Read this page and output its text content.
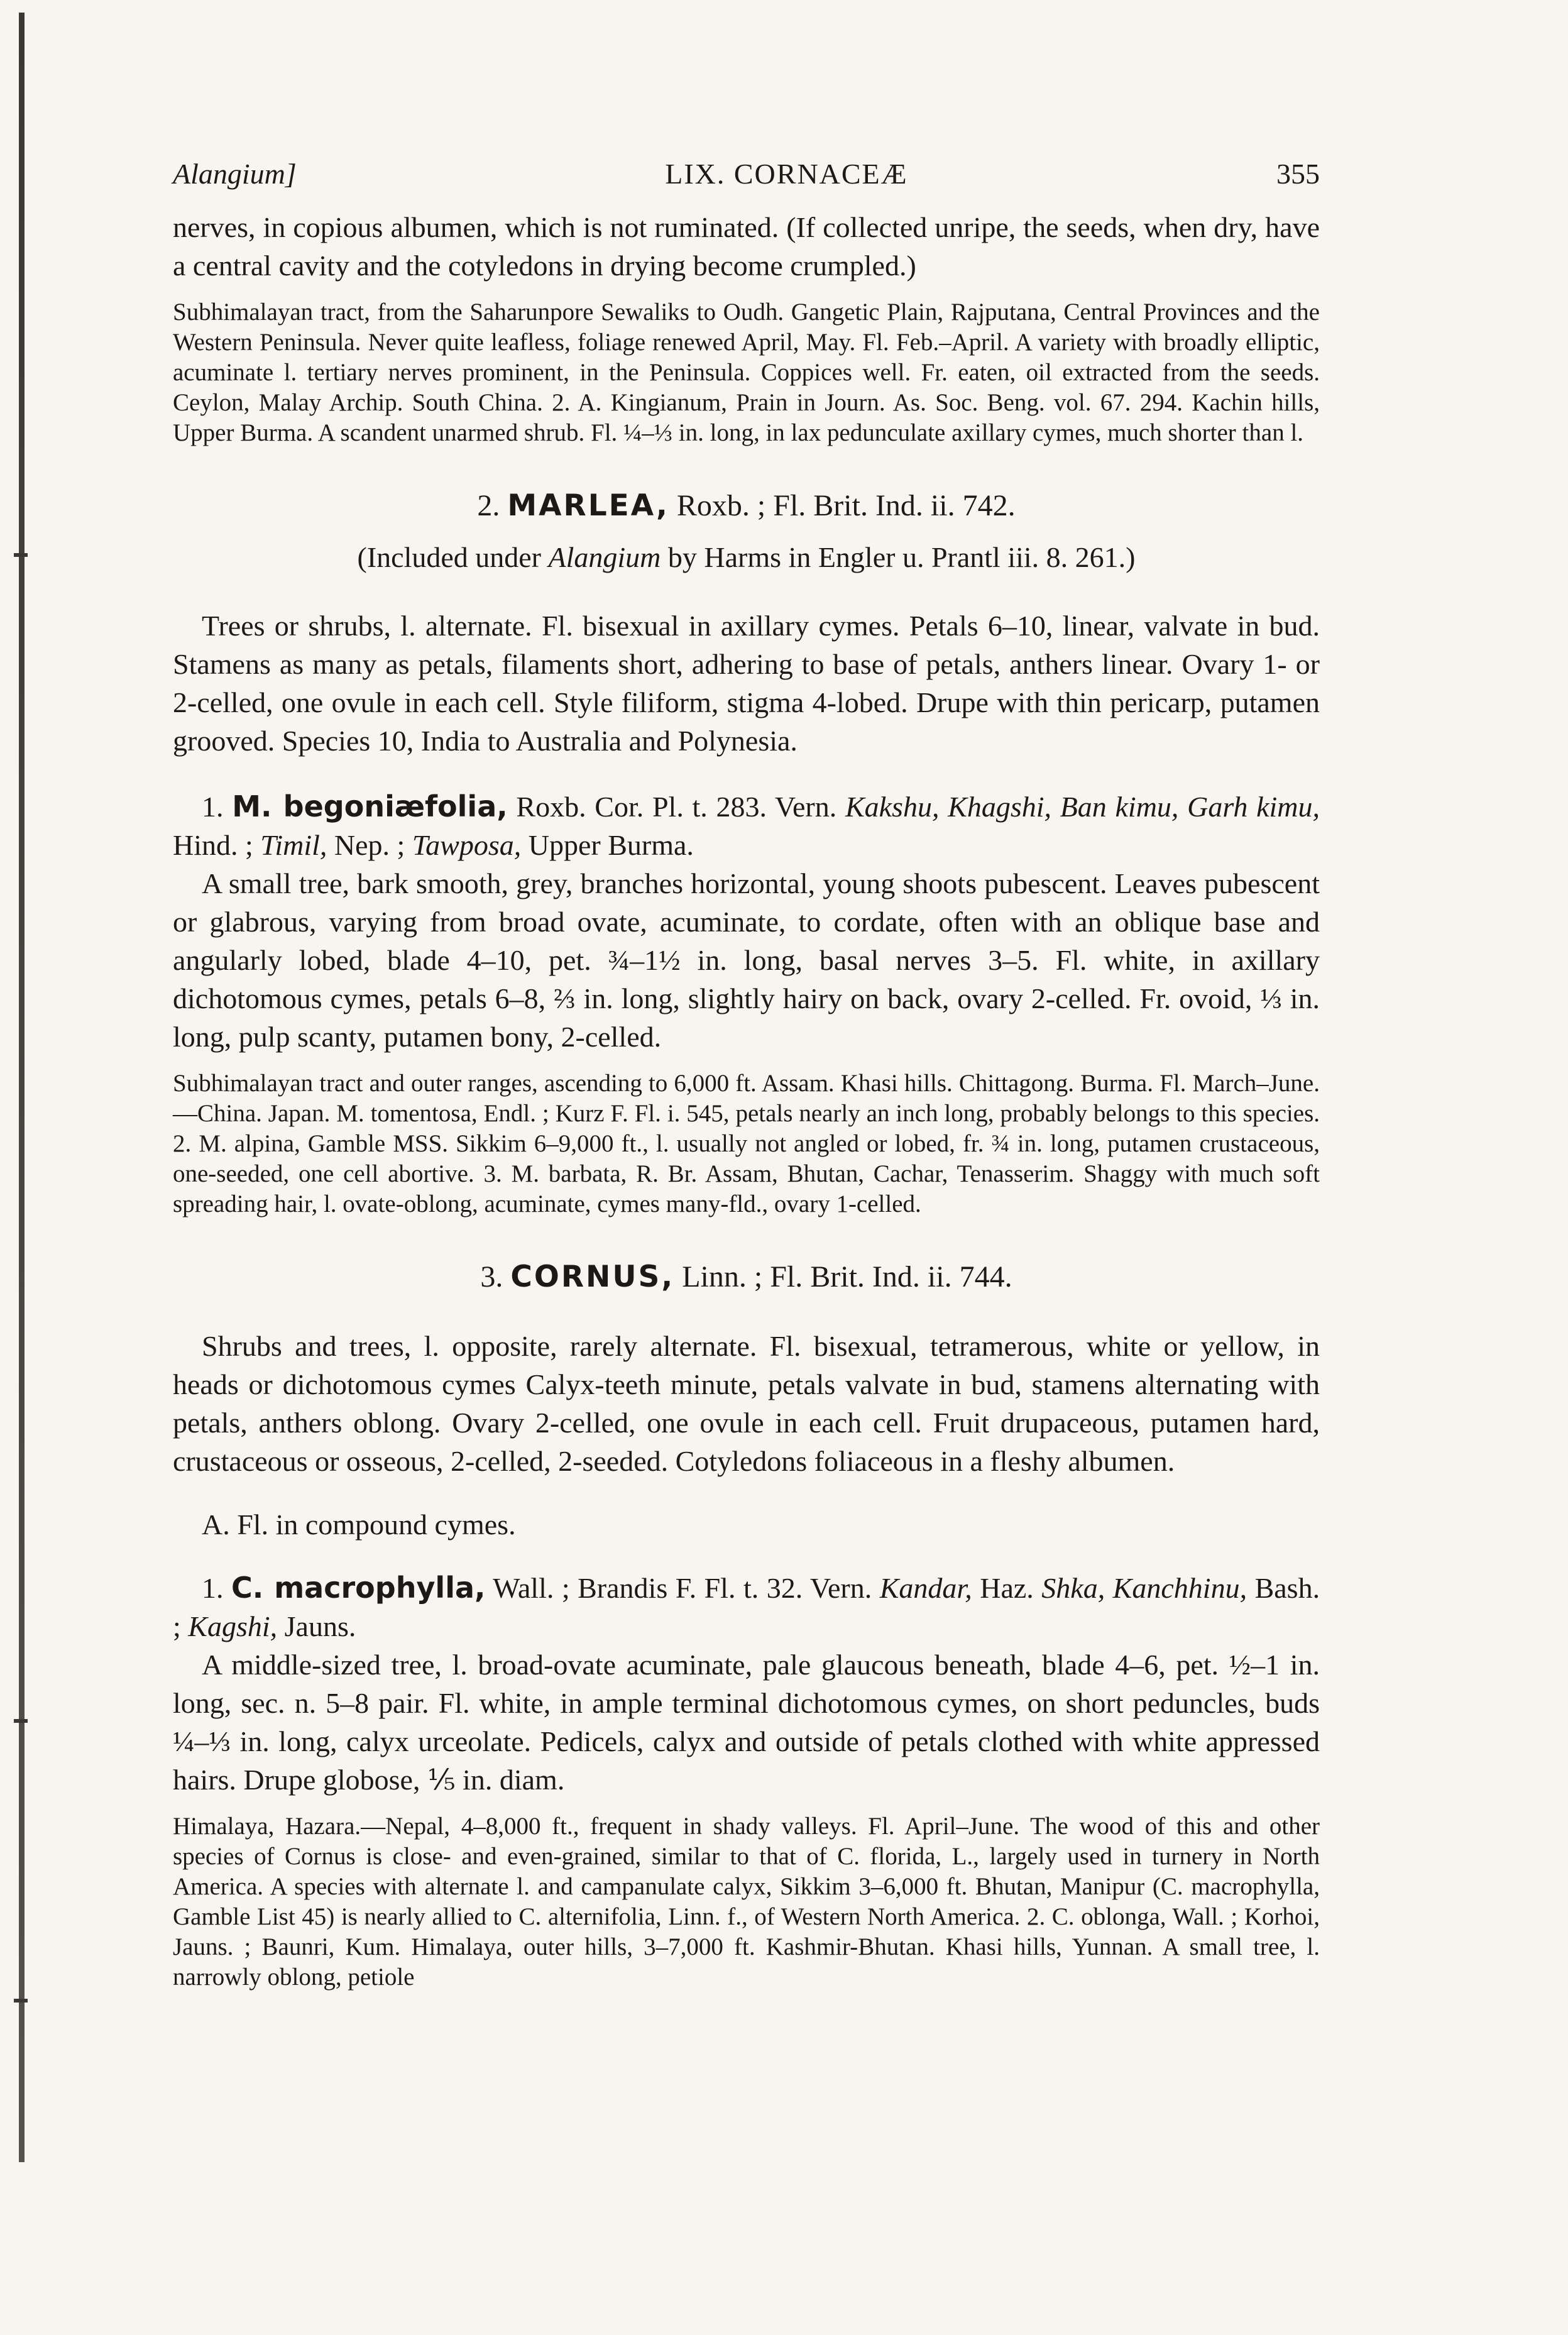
Alangium]	LIX. CORNACEÆ	355

nerves, in copious albumen, which is not ruminated. (If collected unripe, the seeds, when dry, have a central cavity and the cotyledons in drying become crumpled.)

Subhimalayan tract, from the Saharunpore Sewaliks to Oudh. Gangetic Plain, Rajputana, Central Provinces and the Western Peninsula. Never quite leafless, foliage renewed April, May. Fl. Feb.–April. A variety with broadly elliptic, acuminate l. tertiary nerves prominent, in the Peninsula. Coppices well. Fr. eaten, oil extracted from the seeds. Ceylon, Malay Archip. South China. 2. A. Kingianum, Prain in Journ. As. Soc. Beng. vol. 67. 294. Kachin hills, Upper Burma. A scandent unarmed shrub. Fl. ¼–⅓ in. long, in lax pedunculate axillary cymes, much shorter than l.

2. MARLEA, Roxb. ; Fl. Brit. Ind. ii. 742.
(Included under Alangium by Harms in Engler u. Prantl iii. 8. 261.)

Trees or shrubs, l. alternate. Fl. bisexual in axillary cymes. Petals 6–10, linear, valvate in bud. Stamens as many as petals, filaments short, adhering to base of petals, anthers linear. Ovary 1- or 2-celled, one ovule in each cell. Style filiform, stigma 4-lobed. Drupe with thin pericarp, putamen grooved. Species 10, India to Australia and Polynesia.

1. M. begoniæfolia, Roxb. Cor. Pl. t. 283. Vern. Kakshu, Khagshi, Ban kimu, Garh kimu, Hind. ; Timil, Nep. ; Tawposa, Upper Burma.

A small tree, bark smooth, grey, branches horizontal, young shoots pubescent. Leaves pubescent or glabrous, varying from broad ovate, acuminate, to cordate, often with an oblique base and angularly lobed, blade 4–10, pet. ¾–1½ in. long, basal nerves 3–5. Fl. white, in axillary dichotomous cymes, petals 6–8, ⅔ in. long, slightly hairy on back, ovary 2-celled. Fr. ovoid, ⅓ in. long, pulp scanty, putamen bony, 2-celled.

Subhimalayan tract and outer ranges, ascending to 6,000 ft. Assam. Khasi hills. Chittagong. Burma. Fl. March–June.—China. Japan. M. tomentosa, Endl. ; Kurz F. Fl. i. 545, petals nearly an inch long, probably belongs to this species. 2. M. alpina, Gamble MSS. Sikkim 6–9,000 ft., l. usually not angled or lobed, fr. ¾ in. long, putamen crustaceous, one-seeded, one cell abortive. 3. M. barbata, R. Br. Assam, Bhutan, Cachar, Tenasserim. Shaggy with much soft spreading hair, l. ovate-oblong, acuminate, cymes many-fld., ovary 1-celled.

3. CORNUS, Linn. ; Fl. Brit. Ind. ii. 744.

Shrubs and trees, l. opposite, rarely alternate. Fl. bisexual, tetramerous, white or yellow, in heads or dichotomous cymes Calyx-teeth minute, petals valvate in bud, stamens alternating with petals, anthers oblong. Ovary 2-celled, one ovule in each cell. Fruit drupaceous, putamen hard, crustaceous or osseous, 2-celled, 2-seeded. Cotyledons foliaceous in a fleshy albumen.

A. Fl. in compound cymes.

1. C. macrophylla, Wall. ; Brandis F. Fl. t. 32. Vern. Kandar, Haz. Shka, Kanchhinu, Bash. ; Kagshi, Jauns.

A middle-sized tree, l. broad-ovate acuminate, pale glaucous beneath, blade 4–6, pet. ½–1 in. long, sec. n. 5–8 pair. Fl. white, in ample terminal dichotomous cymes, on short peduncles, buds ¼–⅓ in. long, calyx urceolate. Pedicels, calyx and outside of petals clothed with white appressed hairs. Drupe globose, ⅕ in. diam.

Himalaya, Hazara.—Nepal, 4–8,000 ft., frequent in shady valleys. Fl. April–June. The wood of this and other species of Cornus is close- and even-grained, similar to that of C. florida, L., largely used in turnery in North America. A species with alternate l. and campanulate calyx, Sikkim 3–6,000 ft. Bhutan, Manipur (C. macrophylla, Gamble List 45) is nearly allied to C. alternifolia, Linn. f., of Western North America. 2. C. oblonga, Wall. ; Korhoi, Jauns. ; Baunri, Kum. Himalaya, outer hills, 3–7,000 ft. Kashmir-Bhutan. Khasi hills, Yunnan. A small tree, l. narrowly oblong, petiole
